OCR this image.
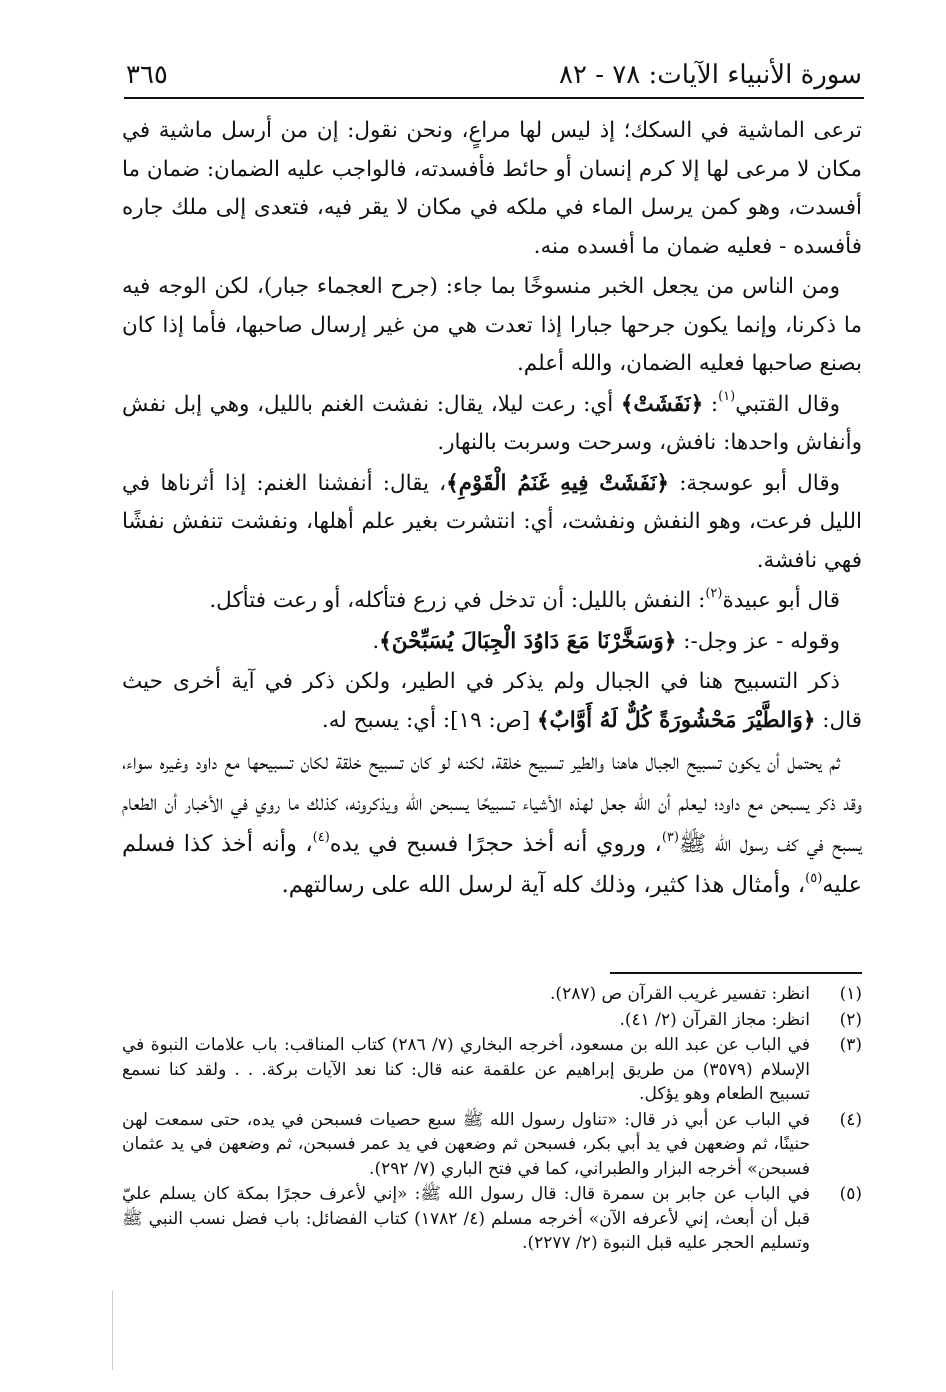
سورة الأنبياء الآيات: ٧٨ - ٨٢
٣٦٥

ترعى الماشية في السكك؛ إذ ليس لها مراعٍ، ونحن نقول: إن من أرسل ماشية في مكان لا مرعى لها إلا كرم إنسان أو حائط فأفسدته، فالواجب عليه الضمان: ضمان ما أفسدت، وهو كمن يرسل الماء في ملكه في مكان لا يقر فيه، فتعدى إلى ملك جاره فأفسده - فعليه ضمان ما أفسده منه.

ومن الناس من يجعل الخبر منسوخًا بما جاء: (جرح العجماء جبار)، لكن الوجه فيه ما ذكرنا، وإنما يكون جرحها جبارا إذا تعدت هي من غير إرسال صاحبها، فأما إذا كان بصنع صاحبها فعليه الضمان، والله أعلم.

وقال القتبي$^{(١)}$: ﴿نَفَشَتْ﴾ أي: رعت ليلا، يقال: نفشت الغنم بالليل، وهي إبل نفش وأنفاش واحدها: نافش، وسرحت وسربت بالنهار.

وقال أبو عوسجة: ﴿نَفَشَتْ فِيهِ غَنَمُ الْقَوْمِ﴾، يقال: أنفشنا الغنم: إذا أثرناها في الليل فرعت، وهو النفش ونفشت، أي: انتشرت بغير علم أهلها، ونفشت تنفش نفشًا فهي نافشة.

قال أبو عبيدة$^{(٢)}$: النفش بالليل: أن تدخل في زرع فتأكله، أو رعت فتأكل.

وقوله - عز وجل-: ﴿وَسَخَّرْنَا مَعَ دَاوُدَ الْجِبَالَ يُسَبِّحْنَ﴾.

ذكر التسبيح هنا في الجبال ولم يذكر في الطير، ولكن ذكر في آية أخرى حيث قال: ﴿وَالطَّيْرَ مَحْشُورَةً كُلٌّ لَهُ أَوَّابٌ﴾ [ص: ١٩]: أي: يسبح له.

ثم يحتمل أن يكون تسبيح الجبال هاهنا والطير تسبيح خلقة، لكنه لو كان تسبيح خلقة لكان تسبيحها مع داود وغيره سواء، وقد ذكر يسبحن مع داود؛ ليعلم أن الله جعل لهذه الأشياء تسبيحًا يسبحن الله ويذكرونه، كذلك ما روي في الأخبار أن الطعام يسبح في كف رسول الله ﷺ$^{(٣)}$، وروي أنه أخذ حجرًا فسبح في يده$^{(٤)}$، وأنه أخذ كذا فسلم عليه$^{(٥)}$، وأمثال هذا كثير، وذلك كله آية لرسل الله على رسالتهم.

(١)
انظر: تفسير غريب القرآن ص (٢٨٧).
(٢)
انظر: مجاز القرآن (٢/ ٤١).
(٣)
في الباب عن عبد الله بن مسعود، أخرجه البخاري (٧/ ٢٨٦) كتاب المناقب: باب علامات النبوة في الإسلام (٣٥٧٩) من طريق إبراهيم عن علقمة عنه قال: كنا نعد الآيات بركة. . . ولقد كنا نسمع تسبيح الطعام وهو يؤكل.
(٤)
في الباب عن أبي ذر قال: «تناول رسول الله ﷺ سبع حصيات فسبحن في يده، حتى سمعت لهن حنينًا، ثم وضعهن في يد أبي بكر، فسبحن ثم وضعهن في يد عمر فسبحن، ثم وضعهن في يد عثمان فسبحن» أخرجه البزار والطبراني، كما في فتح الباري (٧/ ٢٩٢).
(٥)
في الباب عن جابر بن سمرة قال: قال رسول الله ﷺ: «إني لأعرف حجرًا بمكة كان يسلم عليّ قبل أن أبعث، إني لأعرفه الآن» أخرجه مسلم (٤/ ١٧٨٢) كتاب الفضائل: باب فضل نسب النبي ﷺ وتسليم الحجر عليه قبل النبوة (٢/ ٢٢٧٧).
